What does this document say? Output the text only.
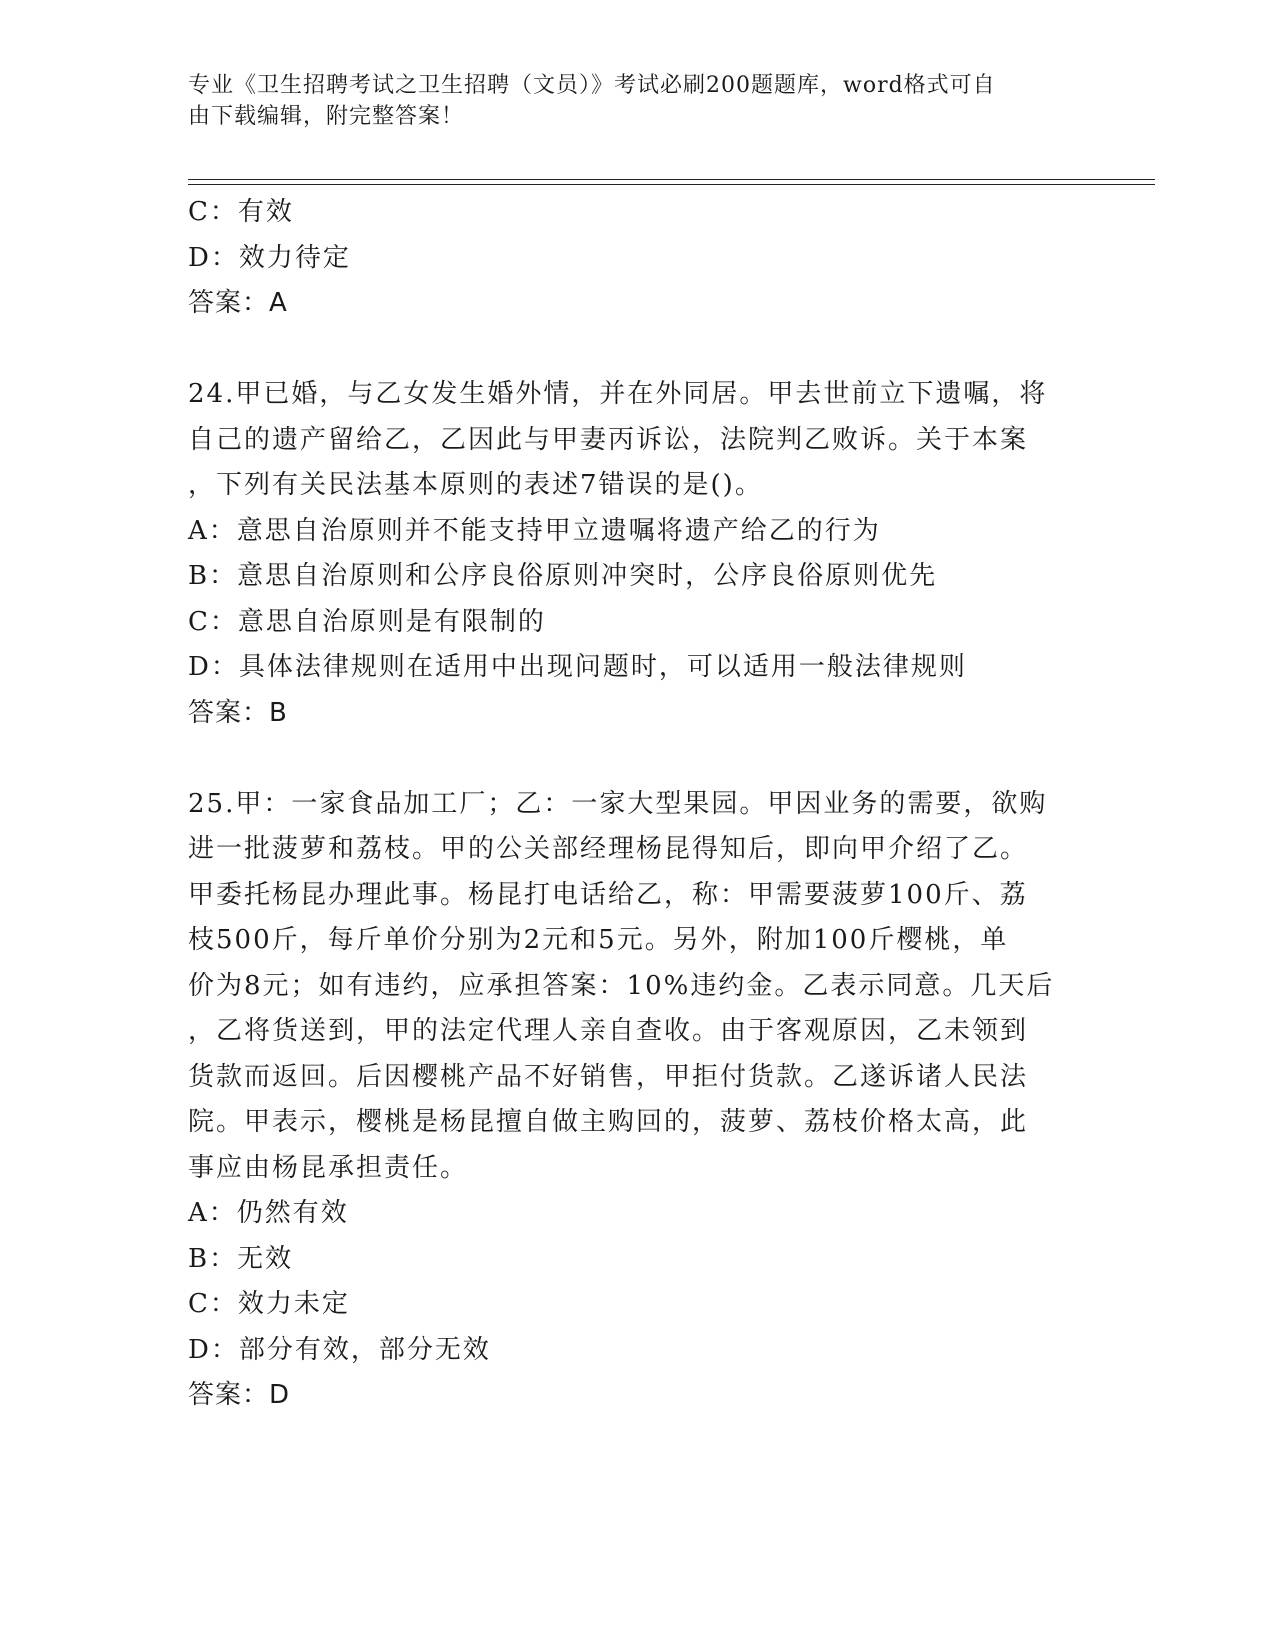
专业《卫生招聘考试之卫生招聘（文员）》考试必刷200题题库，word格式可自
由下载编辑，附完整答案！
C：有效
D：效力待定
答案：A
24.甲已婚，与乙女发生婚外情，并在外同居。甲去世前立下遗嘱，将
自己的遗产留给乙，乙因此与甲妻丙诉讼，法院判乙败诉。关于本案
，下列有关民法基本原则的表述7错误的是()。
A：意思自治原则并不能支持甲立遗嘱将遗产给乙的行为
B：意思自治原则和公序良俗原则冲突时，公序良俗原则优先
C：意思自治原则是有限制的
D：具体法律规则在适用中出现问题时，可以适用一般法律规则
答案：B
25.甲：一家食品加工厂；乙：一家大型果园。甲因业务的需要，欲购
进一批菠萝和荔枝。甲的公关部经理杨昆得知后，即向甲介绍了乙。
甲委托杨昆办理此事。杨昆打电话给乙，称：甲需要菠萝100斤、荔
枝500斤，每斤单价分别为2元和5元。另外，附加100斤樱桃，单
价为8元；如有违约，应承担答案：10%违约金。乙表示同意。几天后
，乙将货送到，甲的法定代理人亲自查收。由于客观原因，乙未领到
货款而返回。后因樱桃产品不好销售，甲拒付货款。乙遂诉诸人民法
院。甲表示，樱桃是杨昆擅自做主购回的，菠萝、荔枝价格太高，此
事应由杨昆承担责任。
A：仍然有效
B：无效
C：效力未定
D：部分有效，部分无效
答案：D
